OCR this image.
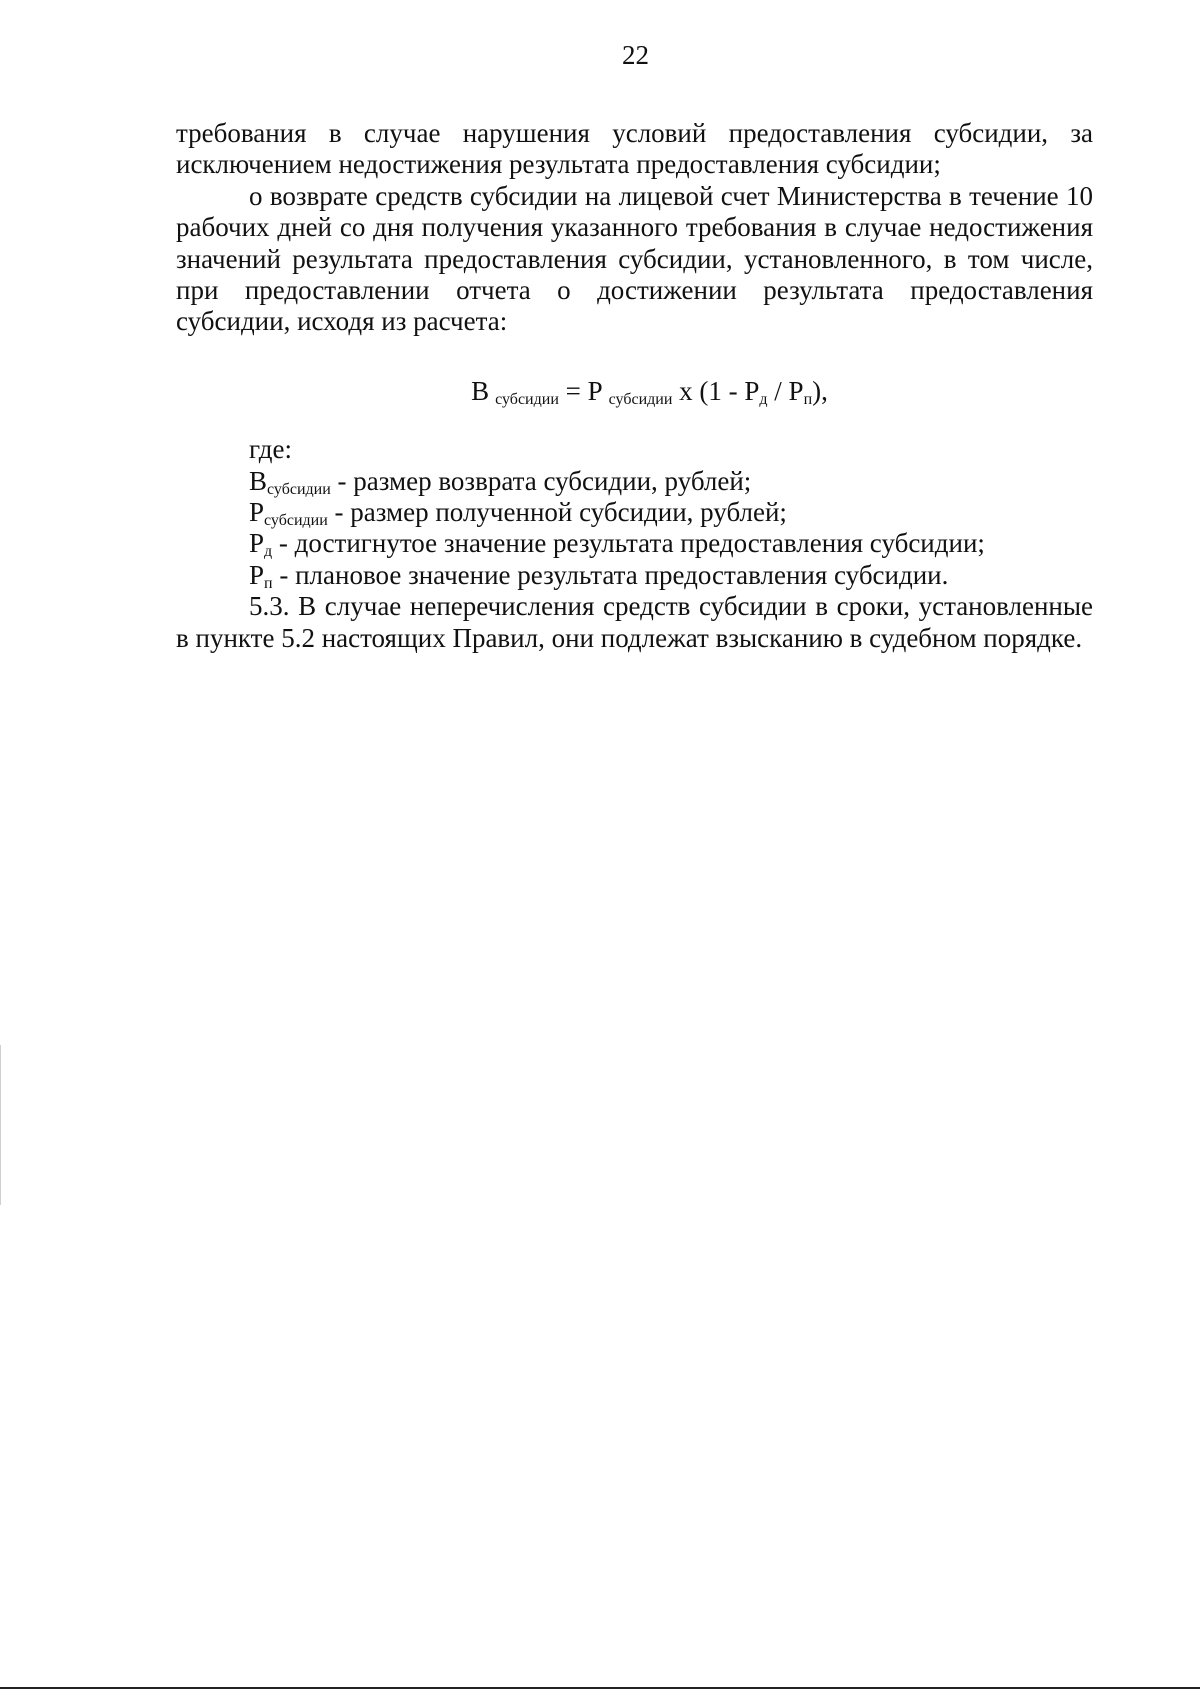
22

требования в случае нарушения условий предоставления субсидии, за исключением недостижения результата предоставления субсидии;

о возврате средств субсидии на лицевой счет Министерства в течение 10 рабочих дней со дня получения указанного требования в случае недостижения значений результата предоставления субсидии, установленного, в том числе, при предоставлении отчета о достижении результата предоставления субсидии, исходя из расчета:

В $_{субсидии}$ = Р $_{субсидии}$ х $(1 - Р_д / Р_п)$,

где:

$В_{субсидии}$ - размер возврата субсидии, рублей;

$Р_{субсидии}$ - размер полученной субсидии, рублей;

$Р_д$ - достигнутое значение результата предоставления субсидии;

$Р_п$ - плановое значение результата предоставления субсидии.

5.3. В случае неперечисления средств субсидии в сроки, установленные в пункте 5.2 настоящих Правил, они подлежат взысканию в судебном порядке.
